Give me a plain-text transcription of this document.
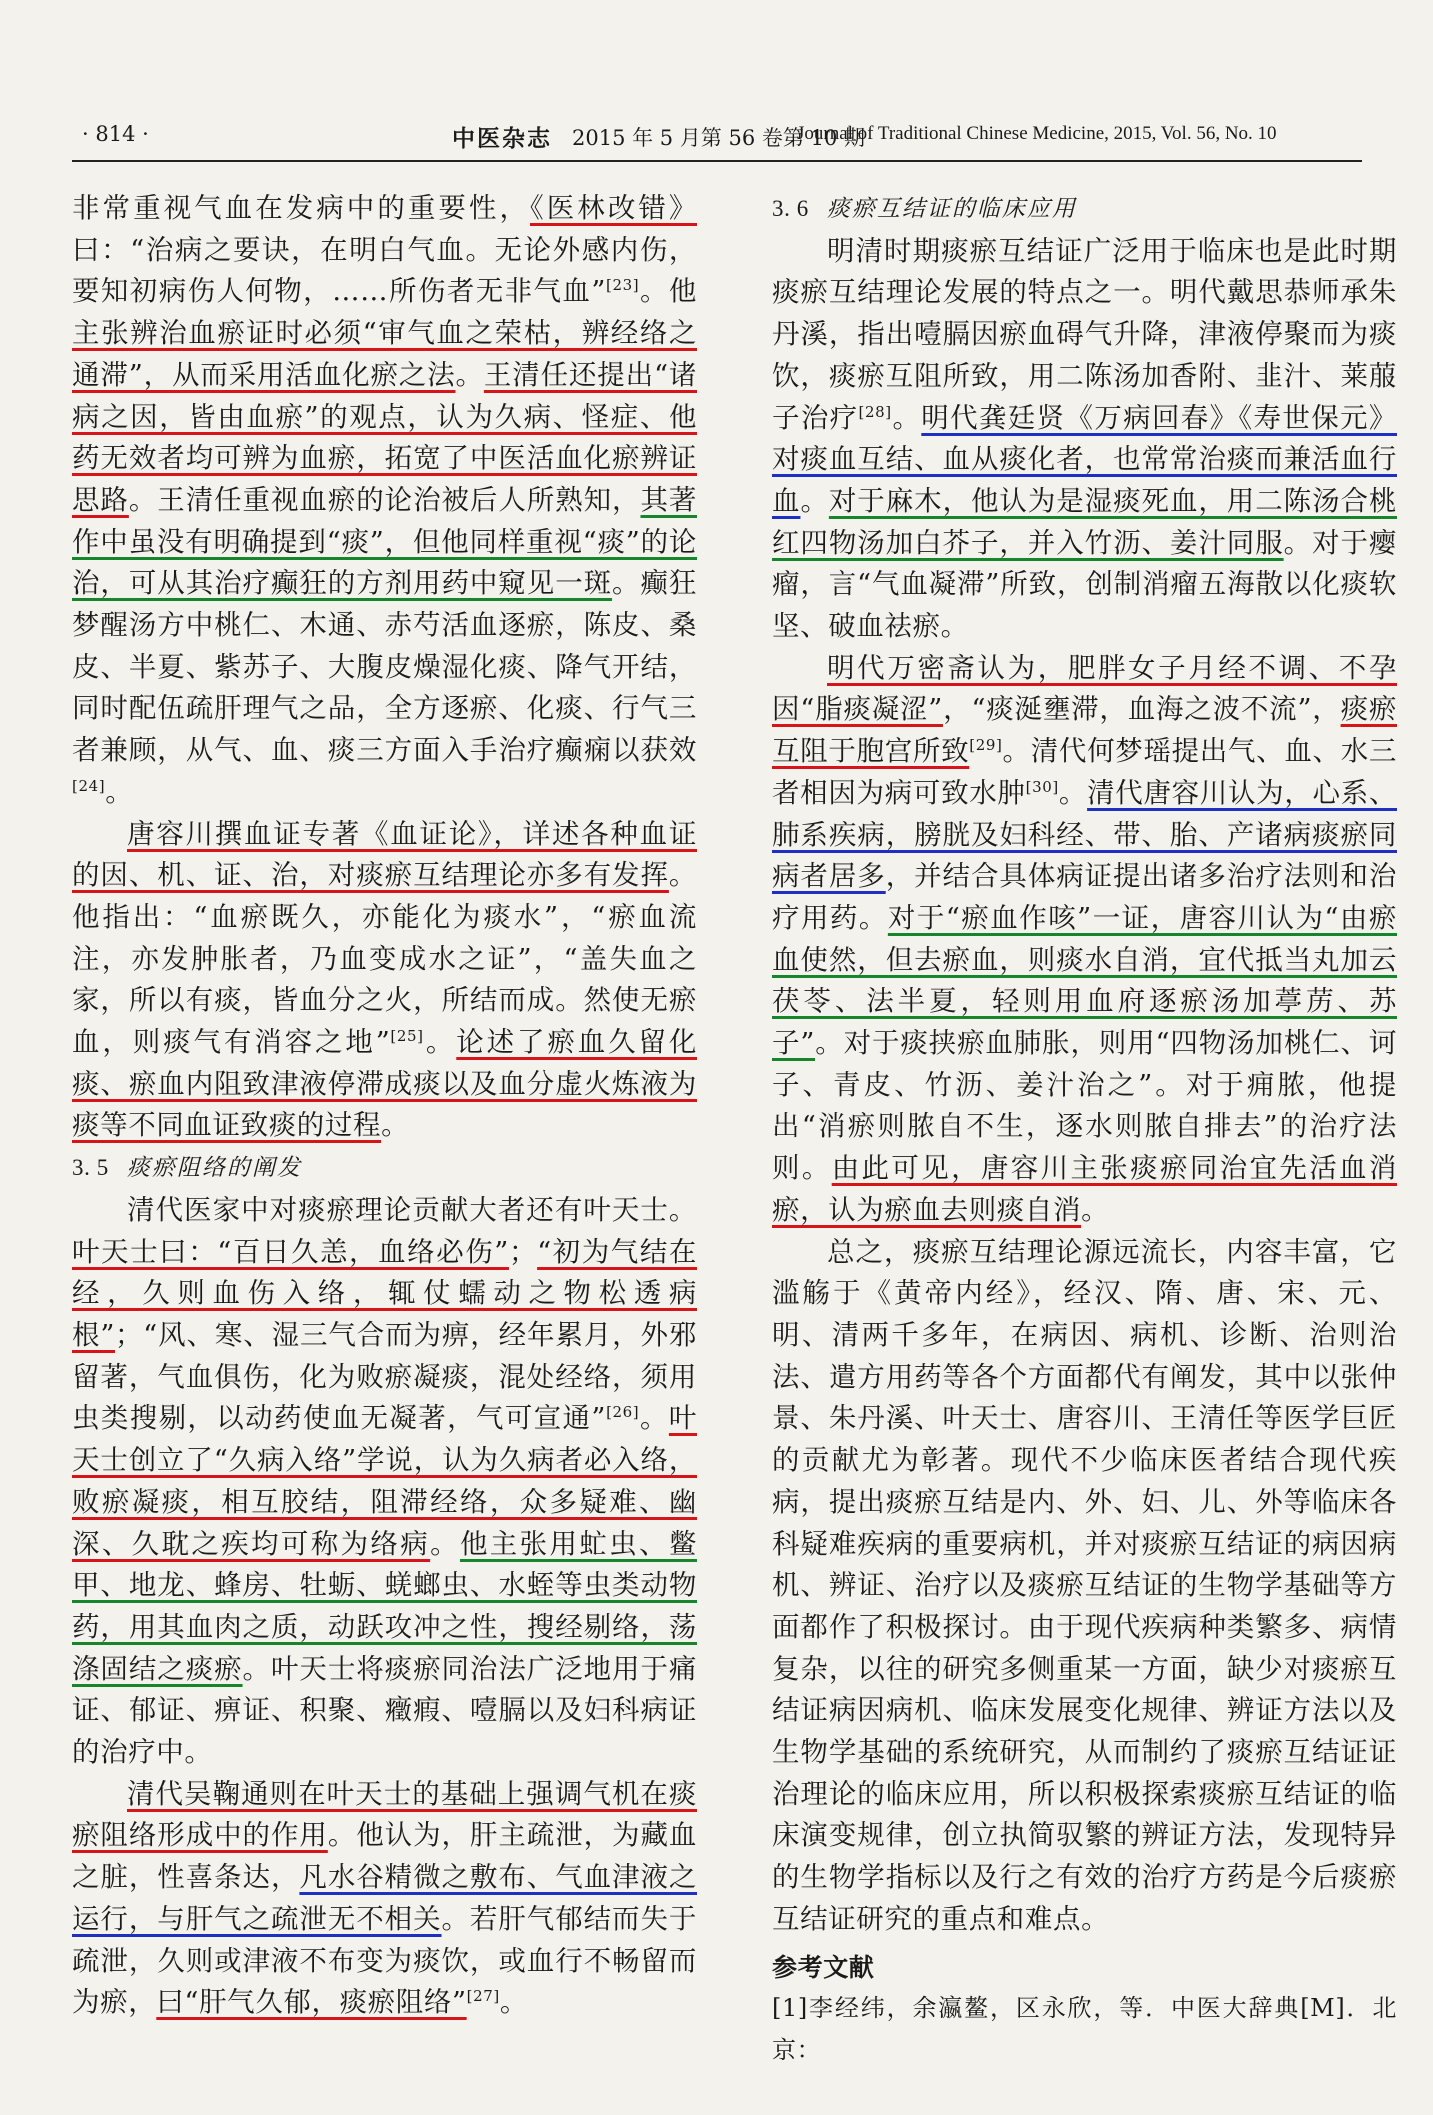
· 814 ·	中医杂志 2015 年 5 月第 56 卷第 10 期
Journal of Traditional Chinese Medicine, 2015, Vol. 56, No. 10

非常重视气血在发病中的重要性，《医林改错》曰：“治病之要诀，在明白气血。无论外感内伤，要知初病伤人何物，……所伤者无非气血”[23]。他主张辨治血瘀证时必须“审气血之荣枯，辨经络之通滞”，从而采用活血化瘀之法。王清任还提出“诸病之因，皆由血瘀”的观点，认为久病、怪症、他药无效者均可辨为血瘀，拓宽了中医活血化瘀辨证思路。王清任重视血瘀的论治被后人所熟知，其著作中虽没有明确提到“痰”，但他同样重视“痰”的论治，可从其治疗癫狂的方剂用药中窥见一斑。癫狂梦醒汤方中桃仁、木通、赤芍活血逐瘀，陈皮、桑皮、半夏、紫苏子、大腹皮燥湿化痰、降气开结，同时配伍疏肝理气之品，全方逐瘀、化痰、行气三者兼顾，从气、血、痰三方面入手治疗癫痫以获效[24]。

唐容川撰血证专著《血证论》，详述各种血证的因、机、证、治，对痰瘀互结理论亦多有发挥。他指出：“血瘀既久，亦能化为痰水”，“瘀血流注，亦发肿胀者，乃血变成水之证”，“盖失血之家，所以有痰，皆血分之火，所结而成。然使无瘀血，则痰气有消容之地”[25]。论述了瘀血久留化痰、瘀血内阻致津液停滞成痰以及血分虚火炼液为痰等不同血证致痰的过程。

3. 5 痰瘀阻络的阐发

清代医家中对痰瘀理论贡献大者还有叶天士。叶天士曰：“百日久恙，血络必伤”；“初为气结在经，久则血伤入络，辄仗蠕动之物松透病根”；“风、寒、湿三气合而为痹，经年累月，外邪留著，气血俱伤，化为败瘀凝痰，混处经络，须用虫类搜剔，以动药使血无凝著，气可宣通”[26]。叶天士创立了“久病入络”学说，认为久病者必入络，败瘀凝痰，相互胶结，阻滞经络，众多疑难、幽深、久耽之疾均可称为络病。他主张用虻虫、鳖甲、地龙、蜂房、牡蛎、蜣螂虫、水蛭等虫类动物药，用其血肉之质，动跃攻冲之性，搜经剔络，荡涤固结之痰瘀。叶天士将痰瘀同治法广泛地用于痛证、郁证、痹证、积聚、癥瘕、噎膈以及妇科病证的治疗中。

清代吴鞠通则在叶天士的基础上强调气机在痰瘀阻络形成中的作用。他认为，肝主疏泄，为藏血之脏，性喜条达，凡水谷精微之敷布、气血津液之运行，与肝气之疏泄无不相关。若肝气郁结而失于疏泄，久则或津液不布变为痰饮，或血行不畅留而为瘀，曰“肝气久郁，痰瘀阻络”[27]。

3. 6 痰瘀互结证的临床应用

明清时期痰瘀互结证广泛用于临床也是此时期痰瘀互结理论发展的特点之一。明代戴思恭师承朱丹溪，指出噎膈因瘀血碍气升降，津液停聚而为痰饮，痰瘀互阻所致，用二陈汤加香附、韭汁、莱菔子治疗[28]。明代龚廷贤《万病回春》《寿世保元》对痰血互结、血从痰化者，也常常治痰而兼活血行血。对于麻木，他认为是湿痰死血，用二陈汤合桃红四物汤加白芥子，并入竹沥、姜汁同服。对于瘿瘤，言“气血凝滞”所致，创制消瘤五海散以化痰软坚、破血祛瘀。

明代万密斋认为，肥胖女子月经不调、不孕因“脂痰凝涩”，“痰涎壅滞，血海之波不流”，痰瘀互阻于胞宫所致[29]。清代何梦瑶提出气、血、水三者相因为病可致水肿[30]。清代唐容川认为，心系、肺系疾病，膀胱及妇科经、带、胎、产诸病痰瘀同病者居多，并结合具体病证提出诸多治疗法则和治疗用药。对于“瘀血作咳”一证，唐容川认为“由瘀血使然，但去瘀血，则痰水自消，宜代抵当丸加云茯苓、法半夏，轻则用血府逐瘀汤加葶苈、苏子”。对于痰挟瘀血肺胀，则用“四物汤加桃仁、诃子、青皮、竹沥、姜汁治之”。对于痈脓，他提出“消瘀则脓自不生，逐水则脓自排去”的治疗法则。由此可见，唐容川主张痰瘀同治宜先活血消瘀，认为瘀血去则痰自消。

总之，痰瘀互结理论源远流长，内容丰富，它滥觞于《黄帝内经》，经汉、隋、唐、宋、元、明、清两千多年，在病因、病机、诊断、治则治法、遣方用药等各个方面都代有阐发，其中以张仲景、朱丹溪、叶天士、唐容川、王清任等医学巨匠的贡献尤为彰著。现代不少临床医者结合现代疾病，提出痰瘀互结是内、外、妇、儿、外等临床各科疑难疾病的重要病机，并对痰瘀互结证的病因病机、辨证、治疗以及痰瘀互结证的生物学基础等方面都作了积极探讨。由于现代疾病种类繁多、病情复杂，以往的研究多侧重某一方面，缺少对痰瘀互结证病因病机、临床发展变化规律、辨证方法以及生物学基础的系统研究，从而制约了痰瘀互结证证治理论的临床应用，所以积极探索痰瘀互结证的临床演变规律，创立执简驭繁的辨证方法，发现特异的生物学指标以及行之有效的治疗方药是今后痰瘀互结证研究的重点和难点。

参考文献

[1]李经纬，余瀛鳌，区永欣，等．中医大辞典[M]．北京：
